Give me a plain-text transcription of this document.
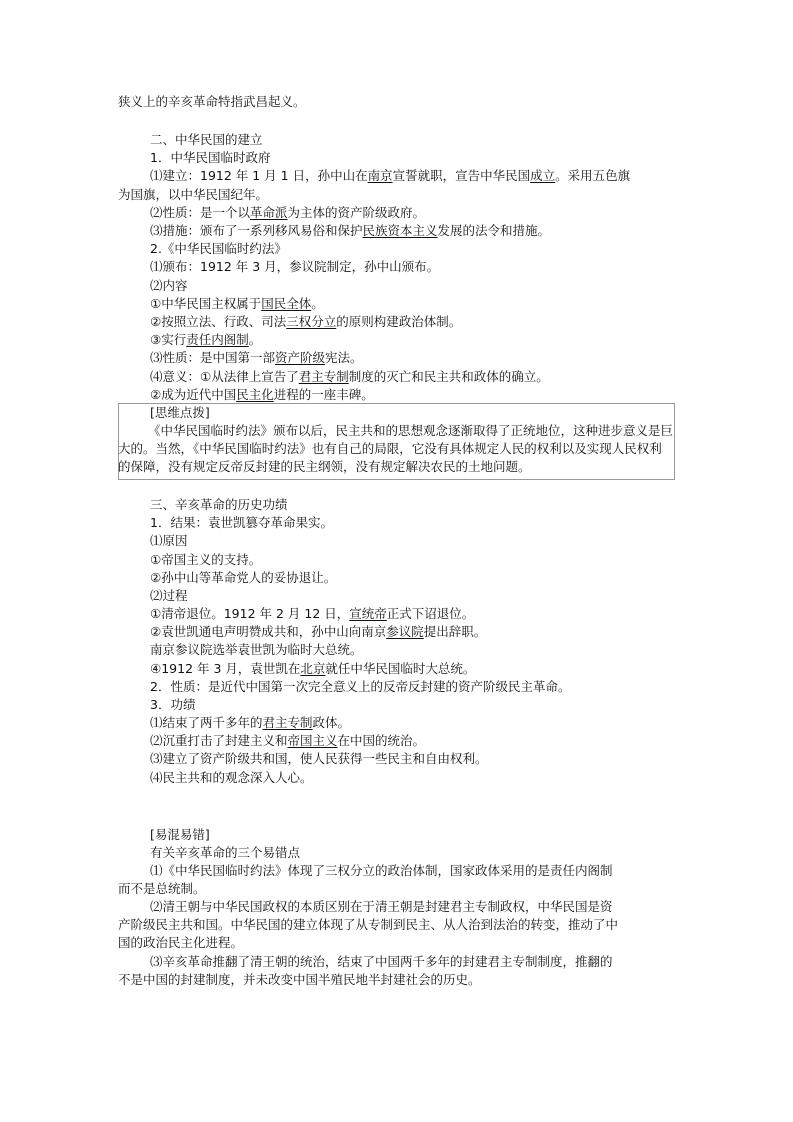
狭义上的辛亥革命特指武昌起义。
二、中华民国的建立
1．中华民国临时政府
⑴建立：1912 年 1 月 1 日，孙中山在南京宣誓就职，宣告中华民国成立。采用五色旗
为国旗，以中华民国纪年。
⑵性质：是一个以革命派为主体的资产阶级政府。
⑶措施：颁布了一系列移风易俗和保护民族资本主义发展的法令和措施。
2.《中华民国临时约法》
⑴颁布：1912 年 3 月，参议院制定，孙中山颁布。
⑵内容
①中华民国主权属于国民全体。
②按照立法、行政、司法三权分立的原则构建政治体制。
③实行责任内阁制。
⑶性质：是中国第一部资产阶级宪法。
⑷意义：①从法律上宣告了君主专制制度的灭亡和民主共和政体的确立。
②成为近代中国民主化进程的一座丰碑。
[思维点拨]
《中华民国临时约法》颁布以后，民主共和的思想观念逐渐取得了正统地位，这种进步意义是巨大的。当然，《中华民国临时约法》也有自己的局限，它没有具体规定人民的权利以及实现人民权利的保障，没有规定反帝反封建的民主纲领，没有规定解决农民的土地问题。
三、辛亥革命的历史功绩
1．结果：袁世凯篡夺革命果实。
⑴原因
①帝国主义的支持。
②孙中山等革命党人的妥协退让。
⑵过程
①清帝退位。1912 年 2 月 12 日，宣统帝正式下诏退位。
②袁世凯通电声明赞成共和，孙中山向南京参议院提出辞职。
南京参议院选举袁世凯为临时大总统。
④1912 年 3 月，袁世凯在北京就任中华民国临时大总统。
2．性质：是近代中国第一次完全意义上的反帝反封建的资产阶级民主革命。
3．功绩
⑴结束了两千多年的君主专制政体。
⑵沉重打击了封建主义和帝国主义在中国的统治。
⑶建立了资产阶级共和国，使人民获得一些民主和自由权利。
⑷民主共和的观念深入人心。
[易混易错]
有关辛亥革命的三个易错点
⑴《中华民国临时约法》体现了三权分立的政治体制，国家政体采用的是责任内阁制
而不是总统制。
⑵清王朝与中华民国政权的本质区别在于清王朝是封建君主专制政权，中华民国是资
产阶级民主共和国。中华民国的建立体现了从专制到民主、从人治到法治的转变，推动了中
国的政治民主化进程。
⑶辛亥革命推翻了清王朝的统治，结束了中国两千多年的封建君主专制制度，推翻的
不是中国的封建制度，并未改变中国半殖民地半封建社会的历史。
